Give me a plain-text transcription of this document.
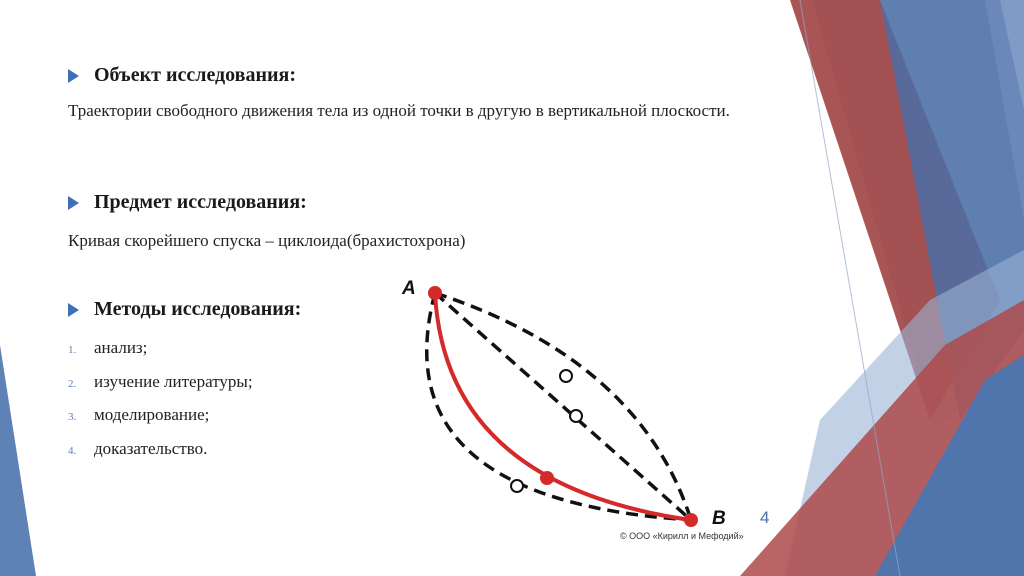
Объект исследования:
Траектории свободного движения тела из одной точки в другую в вертикальной плоскости.
Предмет исследования:
Кривая скорейшего спуска – циклоида(брахистохрона)
Методы исследования:
1.	анализ;
2.	изучение литературы;
3.	моделирование;
4.	доказательство.
A
B
© ООО «Кирилл и Мефодий»
4
